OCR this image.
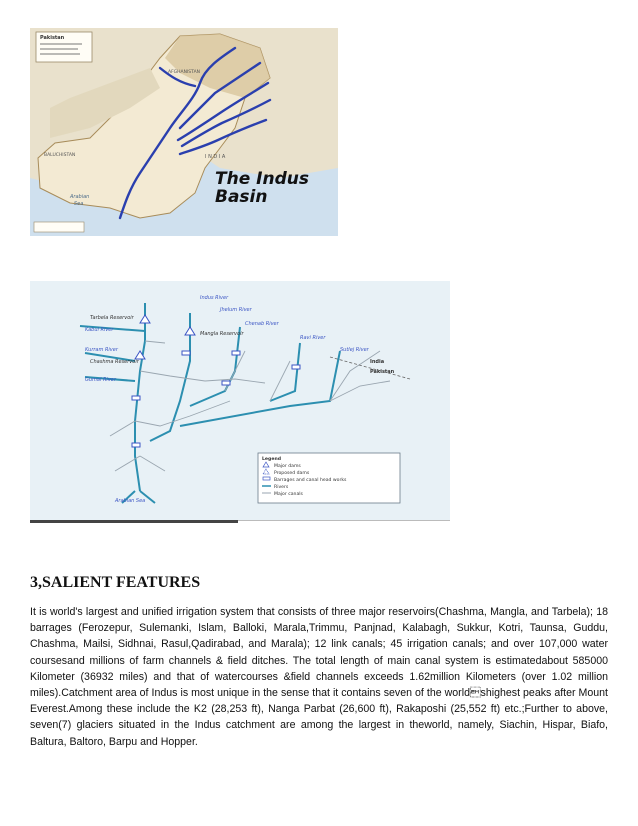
Pakistan
AFGHANISTAN
BALUCHISTAN	I N D I A
Arabian
Sea
The Indus
Basin
Indus River
Jhelum River
Chenab River
Ravi River
Sutlej River
Tarbela Reservoir
Mangla Reservoir
Chashma Reservoir
Kabul River
Kurram River
Gumal River
India
Pakistan
Arabian Sea
Legend
Major dams
Proposed dams
Barrages and canal head works
Rivers
Major canals
3,SALIENT FEATURES

It is world's largest and unified irrigation system that consists of three major reservoirs(Chashma, Mangla, and Tarbela); 18 barrages (Ferozepur, Sulemanki, Islam, Balloki, Marala,Trimmu, Panjnad, Kalabagh, Sukkur, Kotri, Taunsa, Guddu, Chashma, Mailsi, Sidhnai, Rasul,Qadirabad, and Marala); 12 link canals; 45 irrigation canals; and over 107,000 water coursesand millions of farm channels & field ditches. The total length of main canal system is estimatedabout 585000 Kilometer (36932 miles) and that of watercourses &field channels exceeds 1.62million Kilometers (over 1.02 million miles).Catchment area of Indus is most unique in the sense that it contains seven of the worldshighest peaks after Mount Everest.Among these include the K2 (28,253 ft), Nanga Parbat (26,600 ft), Rakaposhi (25,552 ft) etc.;Further to above, seven(7) glaciers situated in the Indus catchment are among the largest in theworld, namely, Siachin, Hispar, Biafo, Baltura, Baltoro, Barpu and Hopper.
